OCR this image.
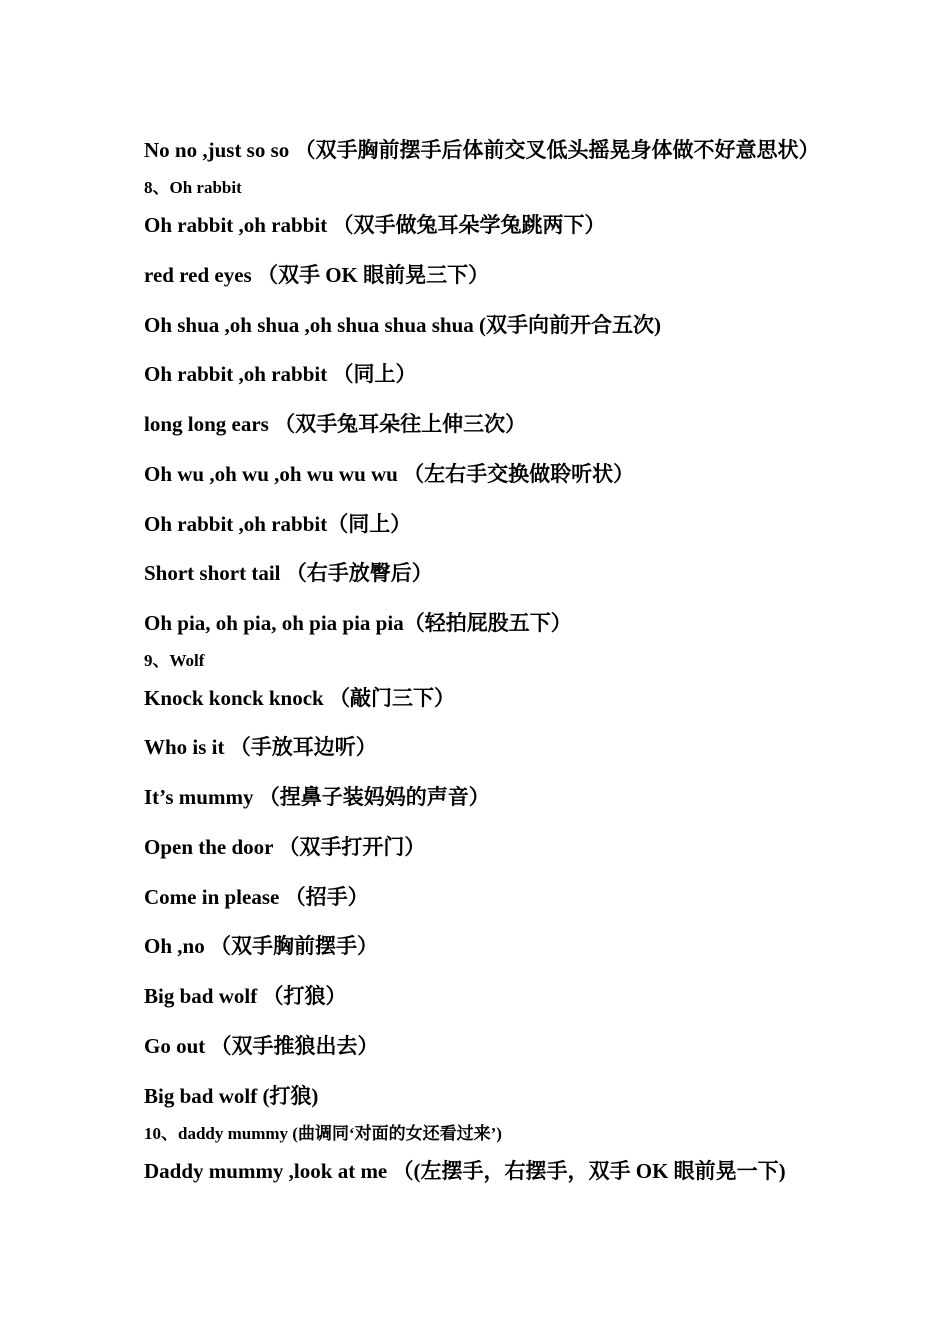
No no ,just so so （双手胸前摆手后体前交叉低头摇晃身体做不好意思状）
8、Oh rabbit
Oh rabbit ,oh rabbit （双手做兔耳朵学兔跳两下）
red red eyes （双手 OK 眼前晃三下）
Oh shua ,oh shua ,oh shua shua shua (双手向前开合五次)
Oh rabbit ,oh rabbit （同上）
long long ears （双手兔耳朵往上伸三次）
Oh wu ,oh wu ,oh wu wu wu （左右手交换做聆听状）
Oh rabbit ,oh rabbit（同上）
Short short tail （右手放臀后）
Oh pia, oh pia, oh pia pia pia（轻拍屁股五下）
9、Wolf
Knock konck knock （敲门三下）
Who is it （手放耳边听）
It’s mummy （捏鼻子装妈妈的声音）
Open the door （双手打开门）
Come in please （招手）
Oh ,no （双手胸前摆手）
Big bad wolf （打狼）
Go out （双手推狼出去）
Big bad wolf (打狼)
10、daddy mummy (曲调同‘对面的女还看过来’)
Daddy mummy ,look at me （(左摆手，右摆手，双手 OK 眼前晃一下)
